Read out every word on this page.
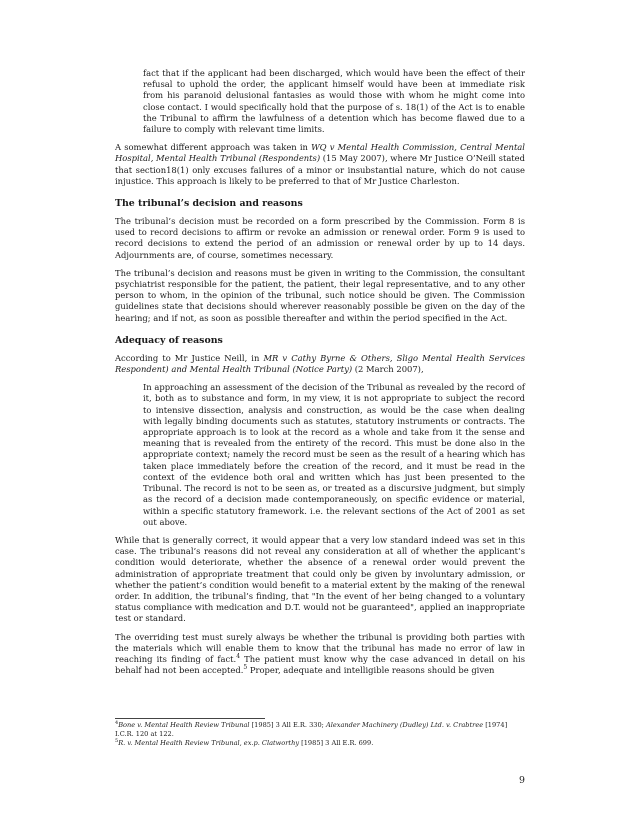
fact that if the applicant had been discharged, which would have been the effect of their refusal to uphold the order, the applicant himself would have been at immediate risk from his paranoid delusional fantasies as would those with whom he might come into close contact. I would specifically hold that the purpose of s. 18(1) of the Act is to enable the Tribunal to affirm the lawfulness of a detention which has become flawed due to a failure to comply with relevant time limits.

A somewhat different approach was taken in WQ v Mental Health Commission, Central Mental Hospital, Mental Health Tribunal (Respondents) (15 May 2007), where Mr Justice O’Neill stated that section18(1) only excuses failures of a minor or insubstantial nature, which do not cause injustice. This approach is likely to be preferred to that of Mr Justice Charleston.

The tribunal’s decision and reasons

The tribunal’s decision must be recorded on a form prescribed by the Commission. Form 8 is used to record decisions to affirm or revoke an admission or renewal order. Form 9 is used to record decisions to extend the period of an admission or renewal order by up to 14 days. Adjournments are, of course, sometimes necessary.

The tribunal’s decision and reasons must be given in writing to the Commission, the consultant psychiatrist responsible for the patient, the patient, their legal representative, and to any other person to whom, in the opinion of the tribunal, such notice should be given. The Commission guidelines state that decisions should wherever reasonably possible be given on the day of the hearing; and if not, as soon as possible thereafter and within the period specified in the Act.

Adequacy of reasons

According to Mr Justice Neill, in MR v Cathy Byrne & Others, Sligo Mental Health Services Respondent) and Mental Health Tribunal (Notice Party) (2 March 2007),

In approaching an assessment of the decision of the Tribunal as revealed by the record of it, both as to substance and form, in my view, it is not appropriate to subject the record to intensive dissection, analysis and construction, as would be the case when dealing with legally binding documents such as statutes, statutory instruments or contracts. The appropriate approach is to look at the record as a whole and take from it the sense and meaning that is revealed from the entirety of the record. This must be done also in the appropriate context; namely the record must be seen as the result of a hearing which has taken place immediately before the creation of the record, and it must be read in the context of the evidence both oral and written which has just been presented to the Tribunal. The record is not to be seen as, or treated as a discursive judgment, but simply as the record of a decision made contemporaneously, on specific evidence or material, within a specific statutory framework. i.e. the relevant sections of the Act of 2001 as set out above.

While that is generally correct, it would appear that a very low standard indeed was set in this case. The tribunal’s reasons did not reveal any consideration at all of whether the applicant’s condition would deteriorate, whether the absence of a renewal order would prevent the administration of appropriate treatment that could only be given by involuntary admission, or whether the patient’s condition would benefit to a material extent by the making of the renewal order. In addition, the tribunal’s finding, that "In the event of her being changed to a voluntary status compliance with medication and D.T. would not be guaranteed", applied an inappropriate test or standard.

The overriding test must surely always be whether the tribunal is providing both parties with the materials which will enable them to know that the tribunal has made no error of law in reaching its finding of fact.$^4$ The patient must know why the case advanced in detail on his behalf had not been accepted.$^5$ Proper, adequate and intelligible reasons should be given

$^4$Bone v. Mental Health Review Tribunal [1985] 3 All E.R. 330; Alexander Machinery (Dudley) Ltd. v. Crabtree [1974] I.C.R. 120 at 122.

$^5$R. v. Mental Health Review Tribunal, ex.p. Clatworthy [1985] 3 All E.R. 699.

9
